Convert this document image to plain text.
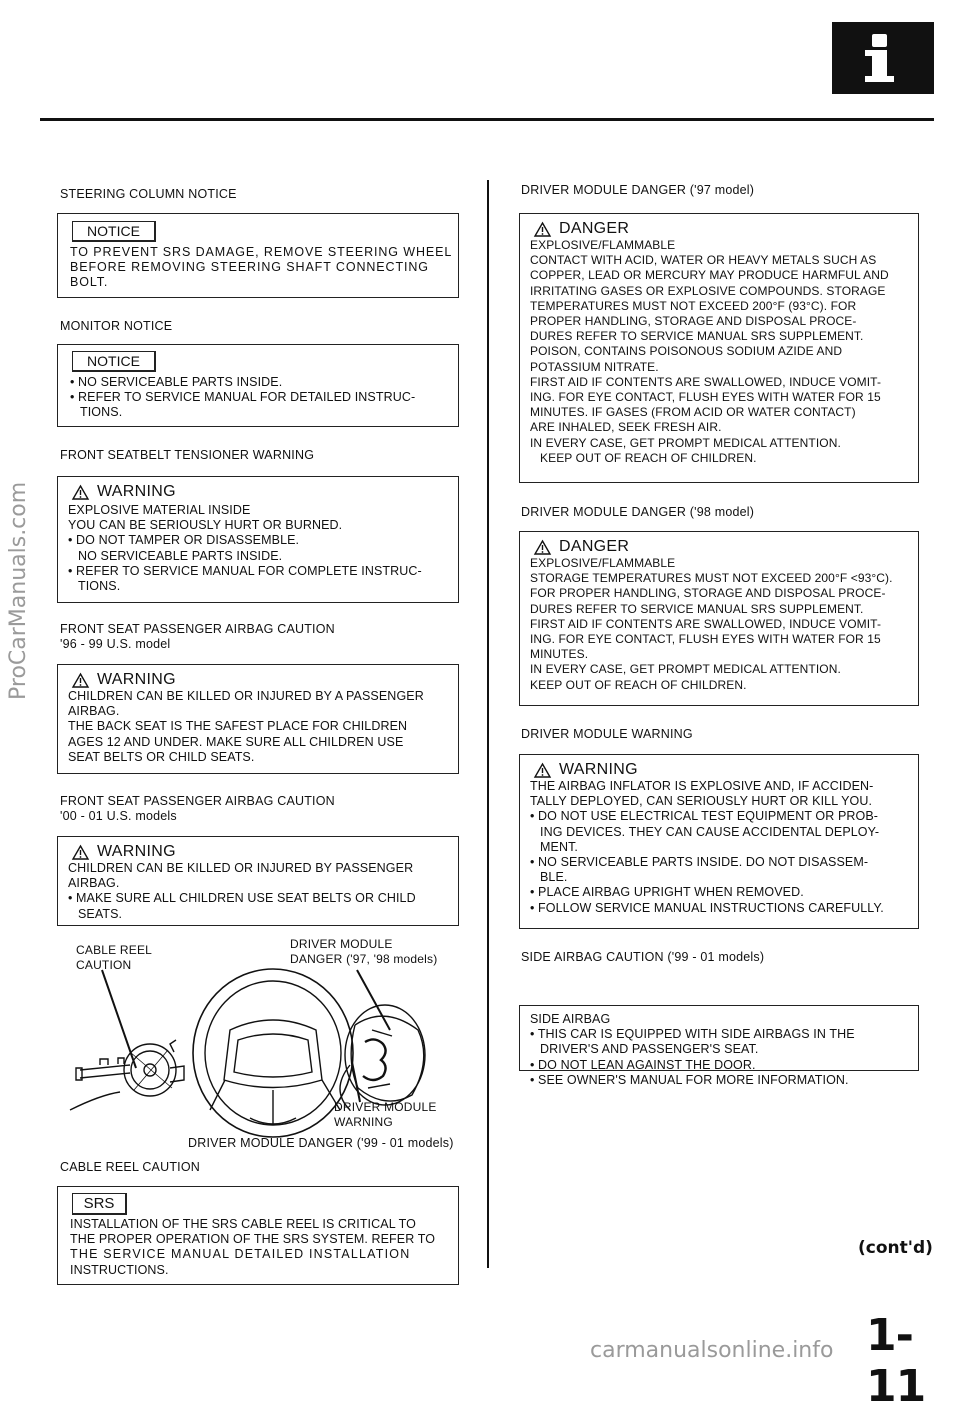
STEERING COLUMN NOTICE
NOTICE
TO PREVENT SRS DAMAGE, REMOVE STEERING WHEEL
BEFORE REMOVING STEERING SHAFT CONNECTING
BOLT.
MONITOR NOTICE
NOTICE
• NO SERVICEABLE PARTS INSIDE.
• REFER TO SERVICE MANUAL FOR DETAILED INSTRUC-
TIONS.
FRONT SEATBELT TENSIONER WARNING
WARNING
EXPLOSIVE MATERIAL INSIDE
YOU CAN BE SERIOUSLY HURT OR BURNED.
• DO NOT TAMPER OR DISASSEMBLE.
NO SERVICEABLE PARTS INSIDE.
• REFER TO SERVICE MANUAL FOR COMPLETE INSTRUC-
TIONS.
FRONT SEAT PASSENGER AIRBAG CAUTION
'96 - 99 U.S. model
WARNING
CHILDREN CAN BE KILLED OR INJURED BY A PASSENGER
AIRBAG.
THE BACK SEAT IS THE SAFEST PLACE FOR CHILDREN
AGES 12 AND UNDER. MAKE SURE ALL CHILDREN USE
SEAT BELTS OR CHILD SEATS.
FRONT SEAT PASSENGER AIRBAG CAUTION
'00 - 01 U.S. models
WARNING
CHILDREN CAN BE KILLED OR INJURED BY PASSENGER
AIRBAG.
• MAKE SURE ALL CHILDREN USE SEAT BELTS OR CHILD
SEATS.
CABLE REEL
CAUTION
DRIVER MODULE
DANGER ('97, '98 models)
DRIVER MODULE
WARNING
DRIVER MODULE DANGER ('99 - 01 models)
CABLE REEL CAUTION
SRS
INSTALLATION OF THE SRS CABLE REEL IS CRITICAL TO
THE PROPER OPERATION OF THE SRS SYSTEM. REFER TO
THE SERVICE MANUAL DETAILED INSTALLATION
INSTRUCTIONS.
DRIVER MODULE DANGER ('97 model)
DANGER
EXPLOSIVE/FLAMMABLE
CONTACT WITH ACID, WATER OR HEAVY METALS SUCH AS
COPPER, LEAD OR MERCURY MAY PRODUCE HARMFUL AND
IRRITATING GASES OR EXPLOSIVE COMPOUNDS. STORAGE
TEMPERATURES MUST NOT EXCEED 200°F (93°C). FOR
PROPER HANDLING, STORAGE AND DISPOSAL PROCE-
DURES REFER TO SERVICE MANUAL SRS SUPPLEMENT.
POISON, CONTAINS POISONOUS SODIUM AZIDE AND
POTASSIUM NITRATE.
FIRST AID IF CONTENTS ARE SWALLOWED, INDUCE VOMIT-
ING. FOR EYE CONTACT, FLUSH EYES WITH WATER FOR 15
MINUTES. IF GASES (FROM ACID OR WATER CONTACT)
ARE INHALED, SEEK FRESH AIR.
IN EVERY CASE, GET PROMPT MEDICAL ATTENTION.
KEEP OUT OF REACH OF CHILDREN.
DRIVER MODULE DANGER ('98 model)
DANGER
EXPLOSIVE/FLAMMABLE
STORAGE TEMPERATURES MUST NOT EXCEED 200°F <93°C).
FOR PROPER HANDLING, STORAGE AND DISPOSAL PROCE-
DURES REFER TO SERVICE MANUAL SRS SUPPLEMENT.
FIRST AID IF CONTENTS ARE SWALLOWED, INDUCE VOMIT-
ING. FOR EYE CONTACT, FLUSH EYES WITH WATER FOR 15
MINUTES.
IN EVERY CASE, GET PROMPT MEDICAL ATTENTION.
KEEP OUT OF REACH OF CHILDREN.
DRIVER MODULE WARNING
WARNING
THE AIRBAG INFLATOR IS EXPLOSIVE AND, IF ACCIDEN-
TALLY DEPLOYED, CAN SERIOUSLY HURT OR KILL YOU.
• DO NOT USE ELECTRICAL TEST EQUIPMENT OR PROB-
ING DEVICES. THEY CAN CAUSE ACCIDENTAL DEPLOY-
MENT.
• NO SERVICEABLE PARTS INSIDE. DO NOT DISASSEM-
BLE.
• PLACE AIRBAG UPRIGHT WHEN REMOVED.
• FOLLOW SERVICE MANUAL INSTRUCTIONS CAREFULLY.
SIDE AIRBAG CAUTION ('99 - 01 models)
SIDE AIRBAG
• THIS CAR IS EQUIPPED WITH SIDE AIRBAGS IN THE
DRIVER'S AND PASSENGER'S SEAT.
• DO NOT LEAN AGAINST THE DOOR.
• SEE OWNER'S MANUAL FOR MORE INFORMATION.
(cont'd)
1-11
ProCarManuals.com
carmanualsonline.info
